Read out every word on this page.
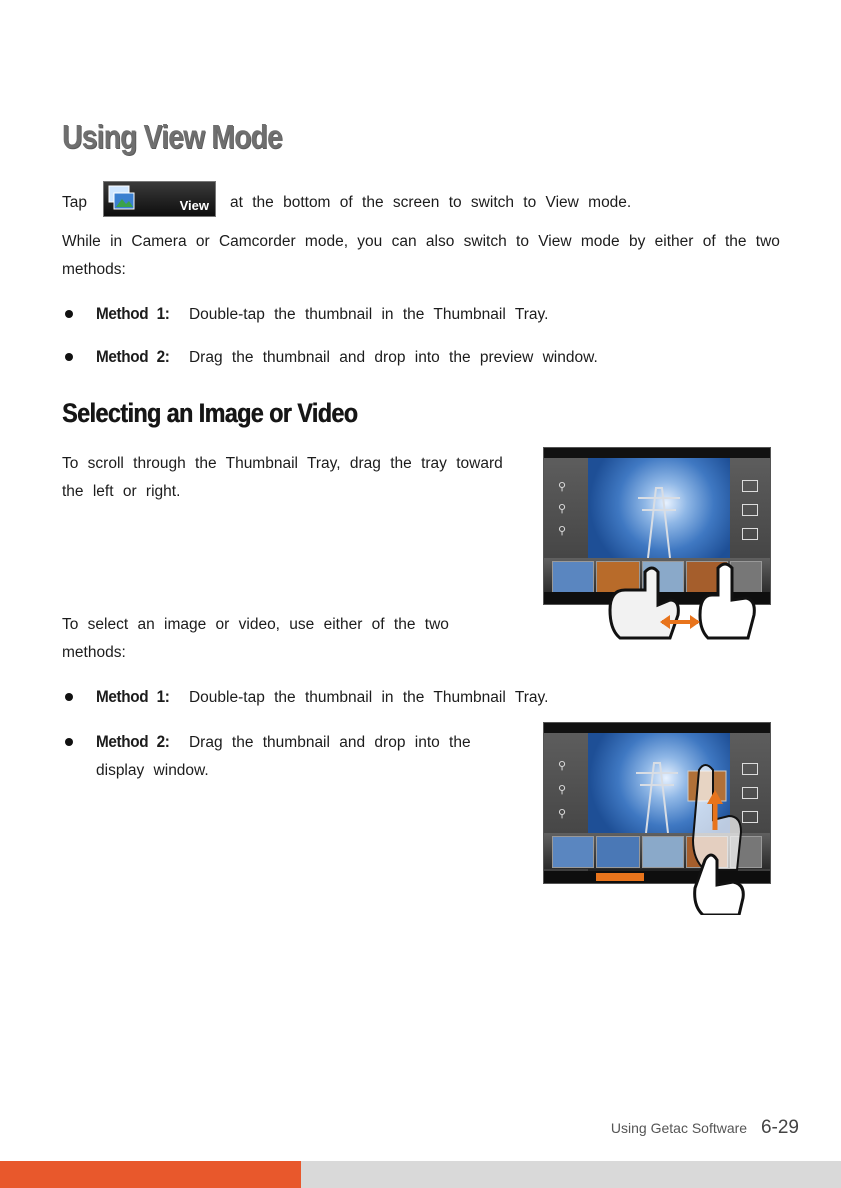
Using View Mode
Tap	View at the bottom of the screen to switch to View mode.
While in Camera or Camcorder mode, you can also switch to View mode by either of the two methods:
Method 1: Double-tap the thumbnail in the Thumbnail Tray.
Method 2: Drag the thumbnail and drop into the preview window.
Selecting an Image or Video
To scroll through the Thumbnail Tray, drag the tray toward the left or right.	⚲
⚲
⚲
To select an image or video, use either of the two methods:
Method 1: Double-tap the thumbnail in the Thumbnail Tray.
Method 2: Drag the thumbnail and drop into the display window.	⚲
⚲
⚲
Using Getac Software 6-29
